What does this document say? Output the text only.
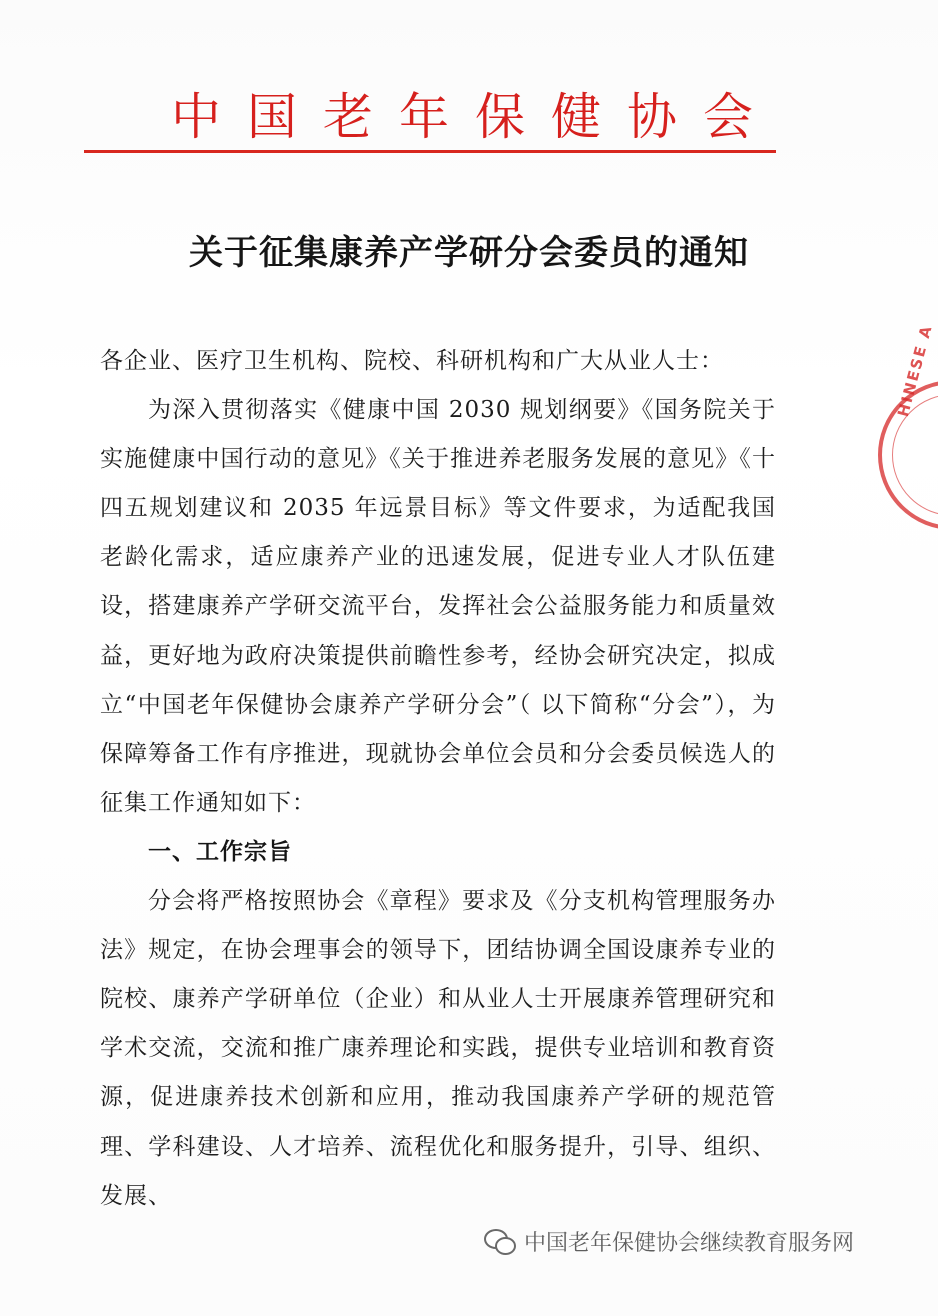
中国老年保健协会
关于征集康养产学研分会委员的通知

各企业、医疗卫生机构、院校、科研机构和广大从业人士：

为深入贯彻落实《健康中国 2030 规划纲要》《国务院关于实施健康中国行动的意见》《关于推进养老服务发展的意见》《十四五规划建议和 2035 年远景目标》等文件要求，为适配我国老龄化需求，适应康养产业的迅速发展，促进专业人才队伍建设，搭建康养产学研交流平台，发挥社会公益服务能力和质量效益，更好地为政府决策提供前瞻性参考，经协会研究决定，拟成立“中国老年保健协会康养产学研分会”（ 以下简称“分会”），为保障筹备工作有序推进，现就协会单位会员和分会委员候选人的征集工作通知如下：

一、工作宗旨

分会将严格按照协会《章程》要求及《分支机构管理服务办法》规定，在协会理事会的领导下，团结协调全国设康养专业的院校、康养产学研单位（企业）和从业人士开展康养管理研究和学术交流，交流和推广康养理论和实践，提供专业培训和教育资源，促进康养技术创新和应用，推动我国康养产学研的规范管理、学科建设、人才培养、流程优化和服务提升，引导、组织、发展、

HINESE A
中国老年保健协会继续教育服务网
